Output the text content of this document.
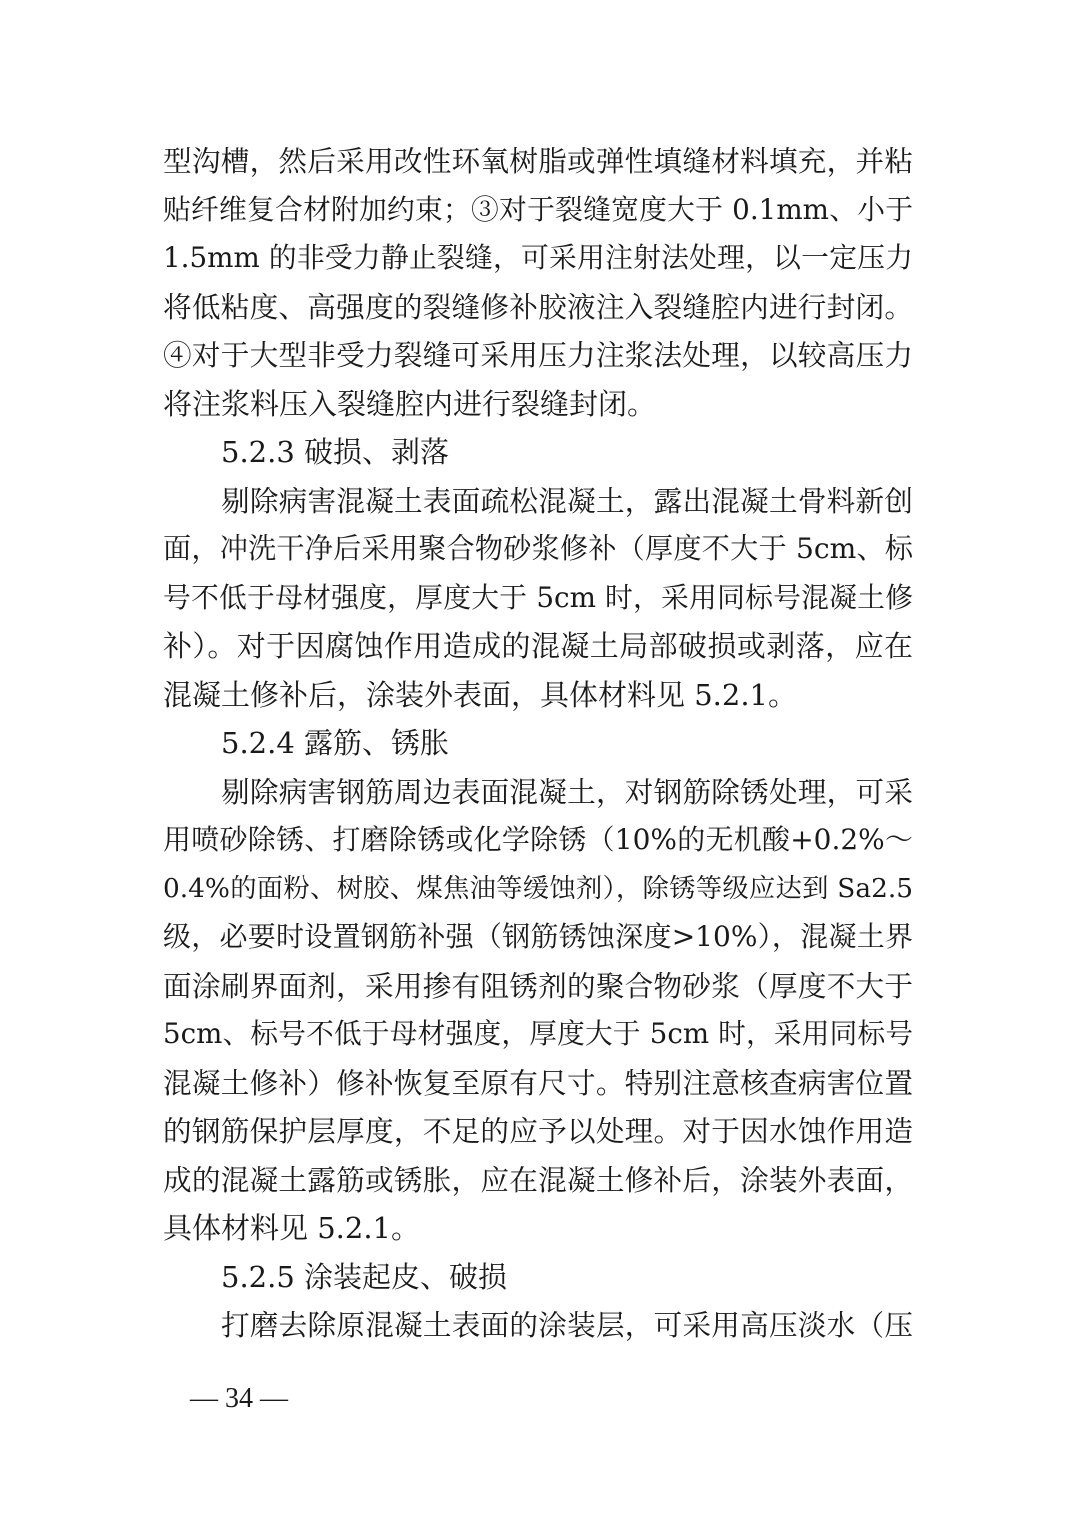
型沟槽，然后采用改性环氧树脂或弹性填缝材料填充，并粘
贴纤维复合材附加约束；③对于裂缝宽度大于 0.1mm、小于
1.5mm 的非受力静止裂缝，可采用注射法处理，以一定压力
将低粘度、高强度的裂缝修补胶液注入裂缝腔内进行封闭。
④对于大型非受力裂缝可采用压力注浆法处理，以较高压力
将注浆料压入裂缝腔内进行裂缝封闭。
5.2.3 破损、剥落
剔除病害混凝土表面疏松混凝土，露出混凝土骨料新创
面，冲洗干净后采用聚合物砂浆修补（厚度不大于 5cm、标
号不低于母材强度，厚度大于 5cm 时，采用同标号混凝土修
补）。对于因腐蚀作用造成的混凝土局部破损或剥落，应在
混凝土修补后，涂装外表面，具体材料见 5.2.1。
5.2.4 露筋、锈胀
剔除病害钢筋周边表面混凝土，对钢筋除锈处理，可采
用喷砂除锈、打磨除锈或化学除锈（10%的无机酸+0.2%～
0.4%的面粉、树胶、煤焦油等缓蚀剂），除锈等级应达到 Sa2.5
级，必要时设置钢筋补强（钢筋锈蚀深度>10%），混凝土界
面涂刷界面剂，采用掺有阻锈剂的聚合物砂浆（厚度不大于
5cm、标号不低于母材强度，厚度大于 5cm 时，采用同标号
混凝土修补）修补恢复至原有尺寸。特别注意核查病害位置
的钢筋保护层厚度，不足的应予以处理。对于因水蚀作用造
成的混凝土露筋或锈胀，应在混凝土修补后，涂装外表面，
具体材料见 5.2.1。
5.2.5 涂装起皮、破损
打磨去除原混凝土表面的涂装层，可采用高压淡水（压
— 34 —
